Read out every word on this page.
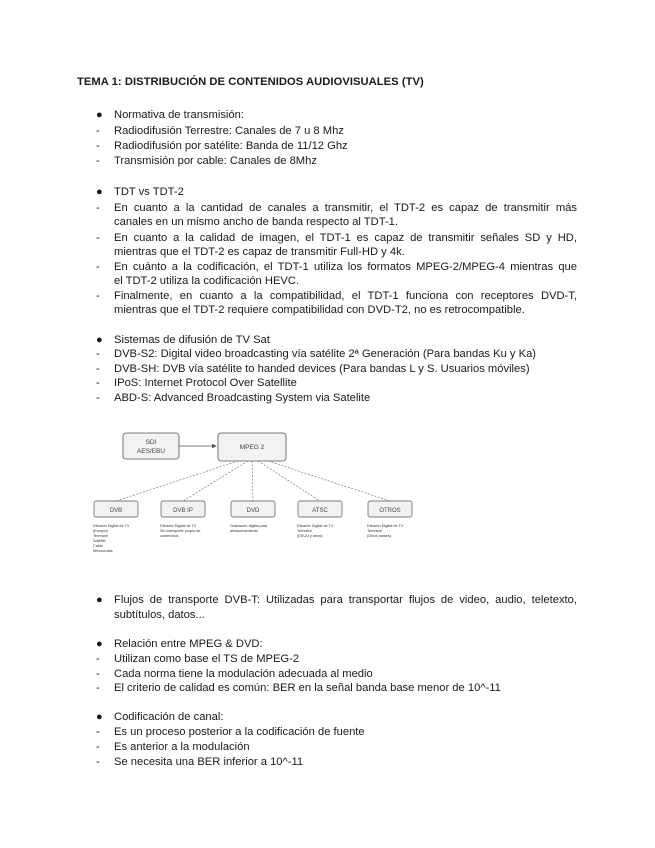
TEMA 1: DISTRIBUCIÓN DE CONTENIDOS AUDIOVISUALES (TV)
● Normativa de transmisión:
- Radiodifusión Terrestre: Canales de 7 u 8 Mhz
- Radiodifusión por satélite: Banda de 11/12 Ghz
- Transmisión por cable: Canales de 8Mhz
● TDT vs TDT-2
- En cuanto a la cantidad de canales a transmitir, el TDT-2 es capaz de transmitir más
canales en un mismo ancho de banda respecto al TDT-1.
- En cuanto a la calidad de imagen, el TDT-1 es capaz de transmitir señales SD y HD,
mientras que el TDT-2 es capaz de transmitir Full-HD y 4k.
- En cuánto a la codificación, el TDT-1 utiliza los formatos MPEG-2/MPEG-4 mientras que
el TDT-2 utiliza la codificación HEVC.
- Finalmente, en cuanto a la compatibilidad, el TDT-1 funciona con receptores DVD-T,
mientras que el TDT-2 requiere compatibilidad con DVD-T2, no es retrocompatible.
● Sistemas de difusión de TV Sat
- DVB-S2: Digital video broadcasting vía satélite 2ª Generación (Para bandas Ku y Ka)
- DVB-SH: DVB vía satélite to handed devices (Para bandas L y S. Usuarios móviles)
- IPoS: Internet Protocol Over Satellite
- ABD-S: Advanced Broadcasting System via Satelite
SDI
AES/EBU
MPEG 2
DVB	DVB IP	DVD	ATSC	OTROS
Difusión Digital de TV
(Europa)
Terrestre
Satélite
Cable
Microondas
Difusión Digital de TV
Sin transporte propio de
contenidos
Grabación digital para
almacenamiento
Difusión Digital de TV
Terrestre
(EEUU y otros)
Difusión Digital de TV
Terrestre
(Otros países)
● Flujos de transporte DVB-T: Utilizadas para transportar flujos de video, audio, teletexto,
subtítulos, datos...
● Relación entre MPEG & DVD:
- Utilizan como base el TS de MPEG-2
- Cada norma tiene la modulación adecuada al medio
- El criterio de calidad es común: BER en la señal banda base menor de 10^-11
● Codificación de canal:
- Es un proceso posterior a la codificación de fuente
- Es anterior a la modulación
- Se necesita una BER inferior a 10^-11
